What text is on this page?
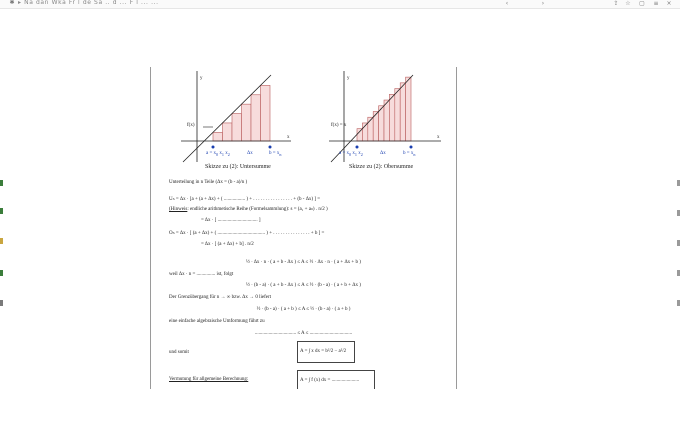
✱ ▸ Na dan Wka Fr l de Sa .. d ... F l ... ...	‹	›	⇪ ☆ ▢ ≡ ×
y
f(x)
x
$a = x_0$ $x_1$ $x_2$	Δx	$b = x_n$
Skizze zu (2): Untersumme
y
f(x) = x
x
$a = x_0$ $x_1$ $x_2$	Δx	$b = x_n$
Skizze zu (2): Obersumme
Unterteilung in n Teile (Δx = (b - a)/n )
Uₙ = Δx · [a + (a + Δx) + ( ................. ) + . . . . . . . . . . . . . . . . + (b - Δx) ] =
(Hinweis: endliche arithmetische Reihe (Formelsammlung): s = (a₁ + aₙ) . n/2 )
= Δx · [ ................................ ]
Oₙ = Δx · [ (a + Δx) + ( ...................................... ) + . . . . . . . . . . . . . . . + b ] =
= Δx · [ (a + Δx) + b] . n/2
½ · Δx · n · ( a + b - Δx ) ≤ A ≤ ½ · Δx · n · ( a + Δx + b )
weil Δx · n = ............... ist, folgt
½ · (b - a) · ( a + b - Δx ) ≤ A ≤ ½ · (b - a) · ( a + b + Δx )
Der Grenzübergang für n → ∞ bzw. Δx → 0 liefert
½ · (b - a) · ( a + b ) ≤ A ≤ ½ · (b - a) · ( a + b )
eine einfache algebraische Umformung führt zu
................................. ≤ A ≤ ..................................
und somit	A = ∫ x dx = b²/2 − a²/2
Vermutung für allgemeine Berechnung:	A = ∫ f (x) dx = ......................
